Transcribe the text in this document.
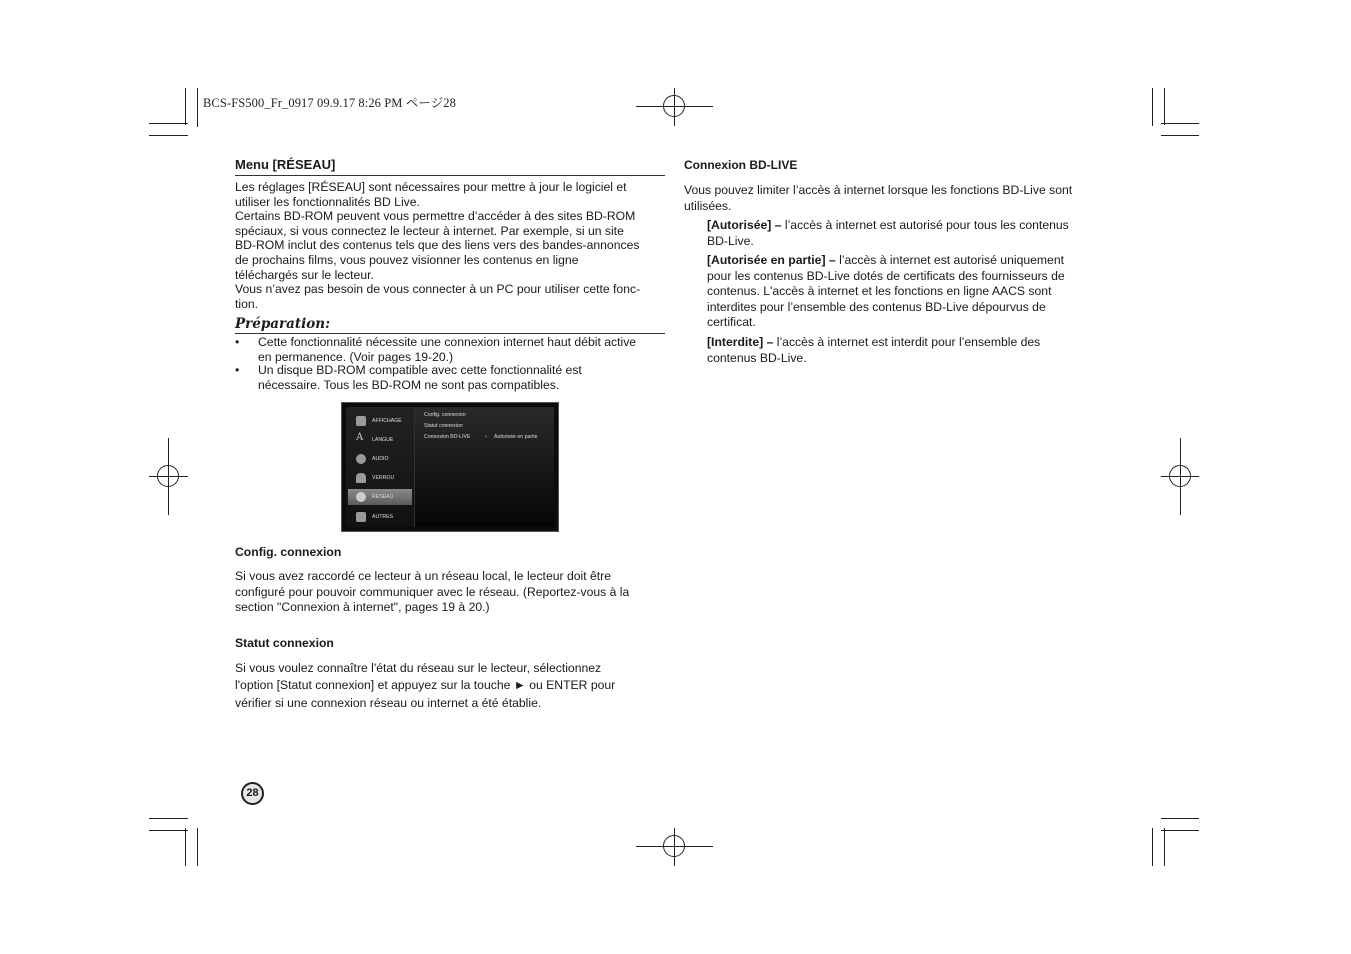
BCS-FS500_Fr_0917 09.9.17 8:26 PM ページ28
Menu [RÉSEAU]
Les réglages [RÉSEAU] sont nécessaires pour mettre à jour le logiciel et
utiliser les fonctionnalités BD Live.
Certains BD-ROM peuvent vous permettre d’accéder à des sites BD-ROM
spéciaux, si vous connectez le lecteur à internet. Par exemple, si un site
BD-ROM inclut des contenus tels que des liens vers des bandes-annonces
de prochains films, vous pouvez visionner les contenus en ligne
téléchargés sur le lecteur.
Vous n’avez pas besoin de vous connecter à un PC pour utiliser cette fonc-
tion.
Préparation:
• Cette fonctionnalité nécessite une connexion internet haut débit active
en permanence. (Voir pages 19-20.)
• Un disque BD-ROM compatible avec cette fonctionnalité est
nécessaire. Tous les BD-ROM ne sont pas compatibles.
AFFICHAGE
A	LANGUE
AUDIO
VERROU
RÉSEAU
AUTRES
Config. connexion
Statut connexion
Connexion BD-LIVE	› Autorisée en partie
Config. connexion
Si vous avez raccordé ce lecteur à un réseau local, le lecteur doit être
configuré pour pouvoir communiquer avec le réseau. (Reportez-vous à la
section "Connexion à internet", pages 19 à 20.)
Statut connexion
Si vous voulez connaître l'état du réseau sur le lecteur, sélectionnez
l'option [Statut connexion] et appuyez sur la touche ► ou ENTER pour
vérifier si une connexion réseau ou internet a été établie.
28
Connexion BD-LIVE
Vous pouvez limiter l’accès à internet lorsque les fonctions BD-Live sont
utilisées.
[Autorisée] – l’accès à internet est autorisé pour tous les contenus
BD-Live.
[Autorisée en partie] – l’accès à internet est autorisé uniquement
pour les contenus BD-Live dotés de certificats des fournisseurs de
contenus. L'accès à internet et les fonctions en ligne AACS sont
interdites pour l’ensemble des contenus BD-Live dépourvus de
certificat.
[Interdite] – l’accès à internet est interdit pour l’ensemble des
contenus BD-Live.
